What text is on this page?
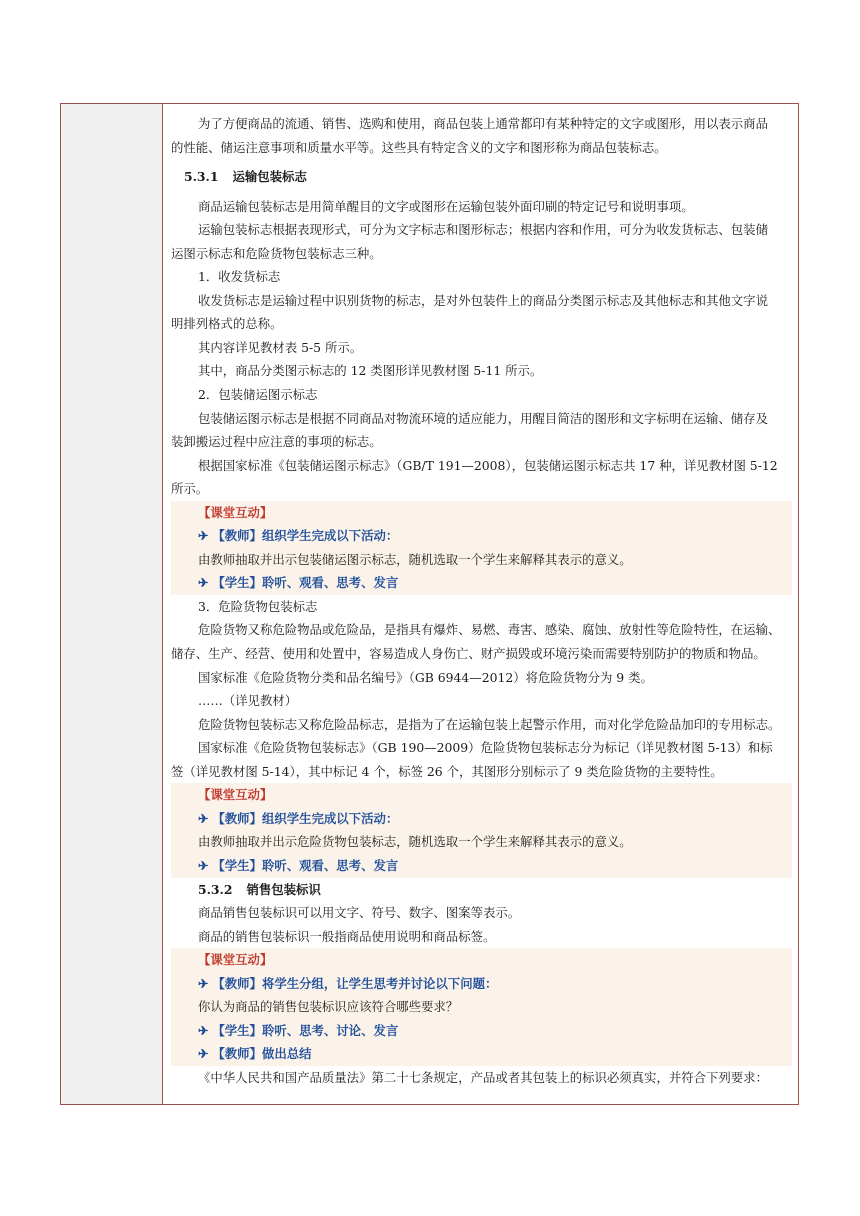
为了方便商品的流通、销售、选购和使用，商品包装上通常都印有某种特定的文字或图形，用以表示商品
的性能、储运注意事项和质量水平等。这些具有特定含义的文字和图形称为商品包装标志。
5.3.1 运输包装标志
商品运输包装标志是用简单醒目的文字或图形在运输包装外面印刷的特定记号和说明事项。
运输包装标志根据表现形式，可分为文字标志和图形标志；根据内容和作用，可分为收发货标志、包装储
运图示标志和危险货物包装标志三种。
1．收发货标志
收发货标志是运输过程中识别货物的标志，是对外包装件上的商品分类图示标志及其他标志和其他文字说
明排列格式的总称。
其内容详见教材表 5-5 所示。
其中，商品分类图示标志的 12 类图形详见教材图 5-11 所示。
2．包装储运图示标志
包装储运图示标志是根据不同商品对物流环境的适应能力，用醒目简洁的图形和文字标明在运输、储存及
装卸搬运过程中应注意的事项的标志。
根据国家标准《包装储运图示标志》（GB/T 191—2008），包装储运图示标志共 17 种，详见教材图 5-12
所示。
【课堂互动】
✈ 【教师】组织学生完成以下活动：
由教师抽取并出示包装储运图示标志，随机选取一个学生来解释其表示的意义。
✈ 【学生】聆听、观看、思考、发言
3．危险货物包装标志
危险货物又称危险物品或危险品，是指具有爆炸、易燃、毒害、感染、腐蚀、放射性等危险特性，在运输、
储存、生产、经营、使用和处置中，容易造成人身伤亡、财产损毁或环境污染而需要特别防护的物质和物品。
国家标准《危险货物分类和品名编号》（GB 6944—2012）将危险货物分为 9 类。
……（详见教材）
危险货物包装标志又称危险品标志，是指为了在运输包装上起警示作用，而对化学危险品加印的专用标志。
国家标准《危险货物包装标志》（GB 190—2009）危险货物包装标志分为标记（详见教材图 5-13）和标
签（详见教材图 5-14），其中标记 4 个，标签 26 个，其图形分别标示了 9 类危险货物的主要特性。
【课堂互动】
✈ 【教师】组织学生完成以下活动：
由教师抽取并出示危险货物包装标志，随机选取一个学生来解释其表示的意义。
✈ 【学生】聆听、观看、思考、发言
5.3.2 销售包装标识
商品销售包装标识可以用文字、符号、数字、图案等表示。
商品的销售包装标识一般指商品使用说明和商品标签。
【课堂互动】
✈ 【教师】将学生分组，让学生思考并讨论以下问题：
你认为商品的销售包装标识应该符合哪些要求？
✈ 【学生】聆听、思考、讨论、发言
✈ 【教师】做出总结
《中华人民共和国产品质量法》第二十七条规定，产品或者其包装上的标识必须真实，并符合下列要求：
